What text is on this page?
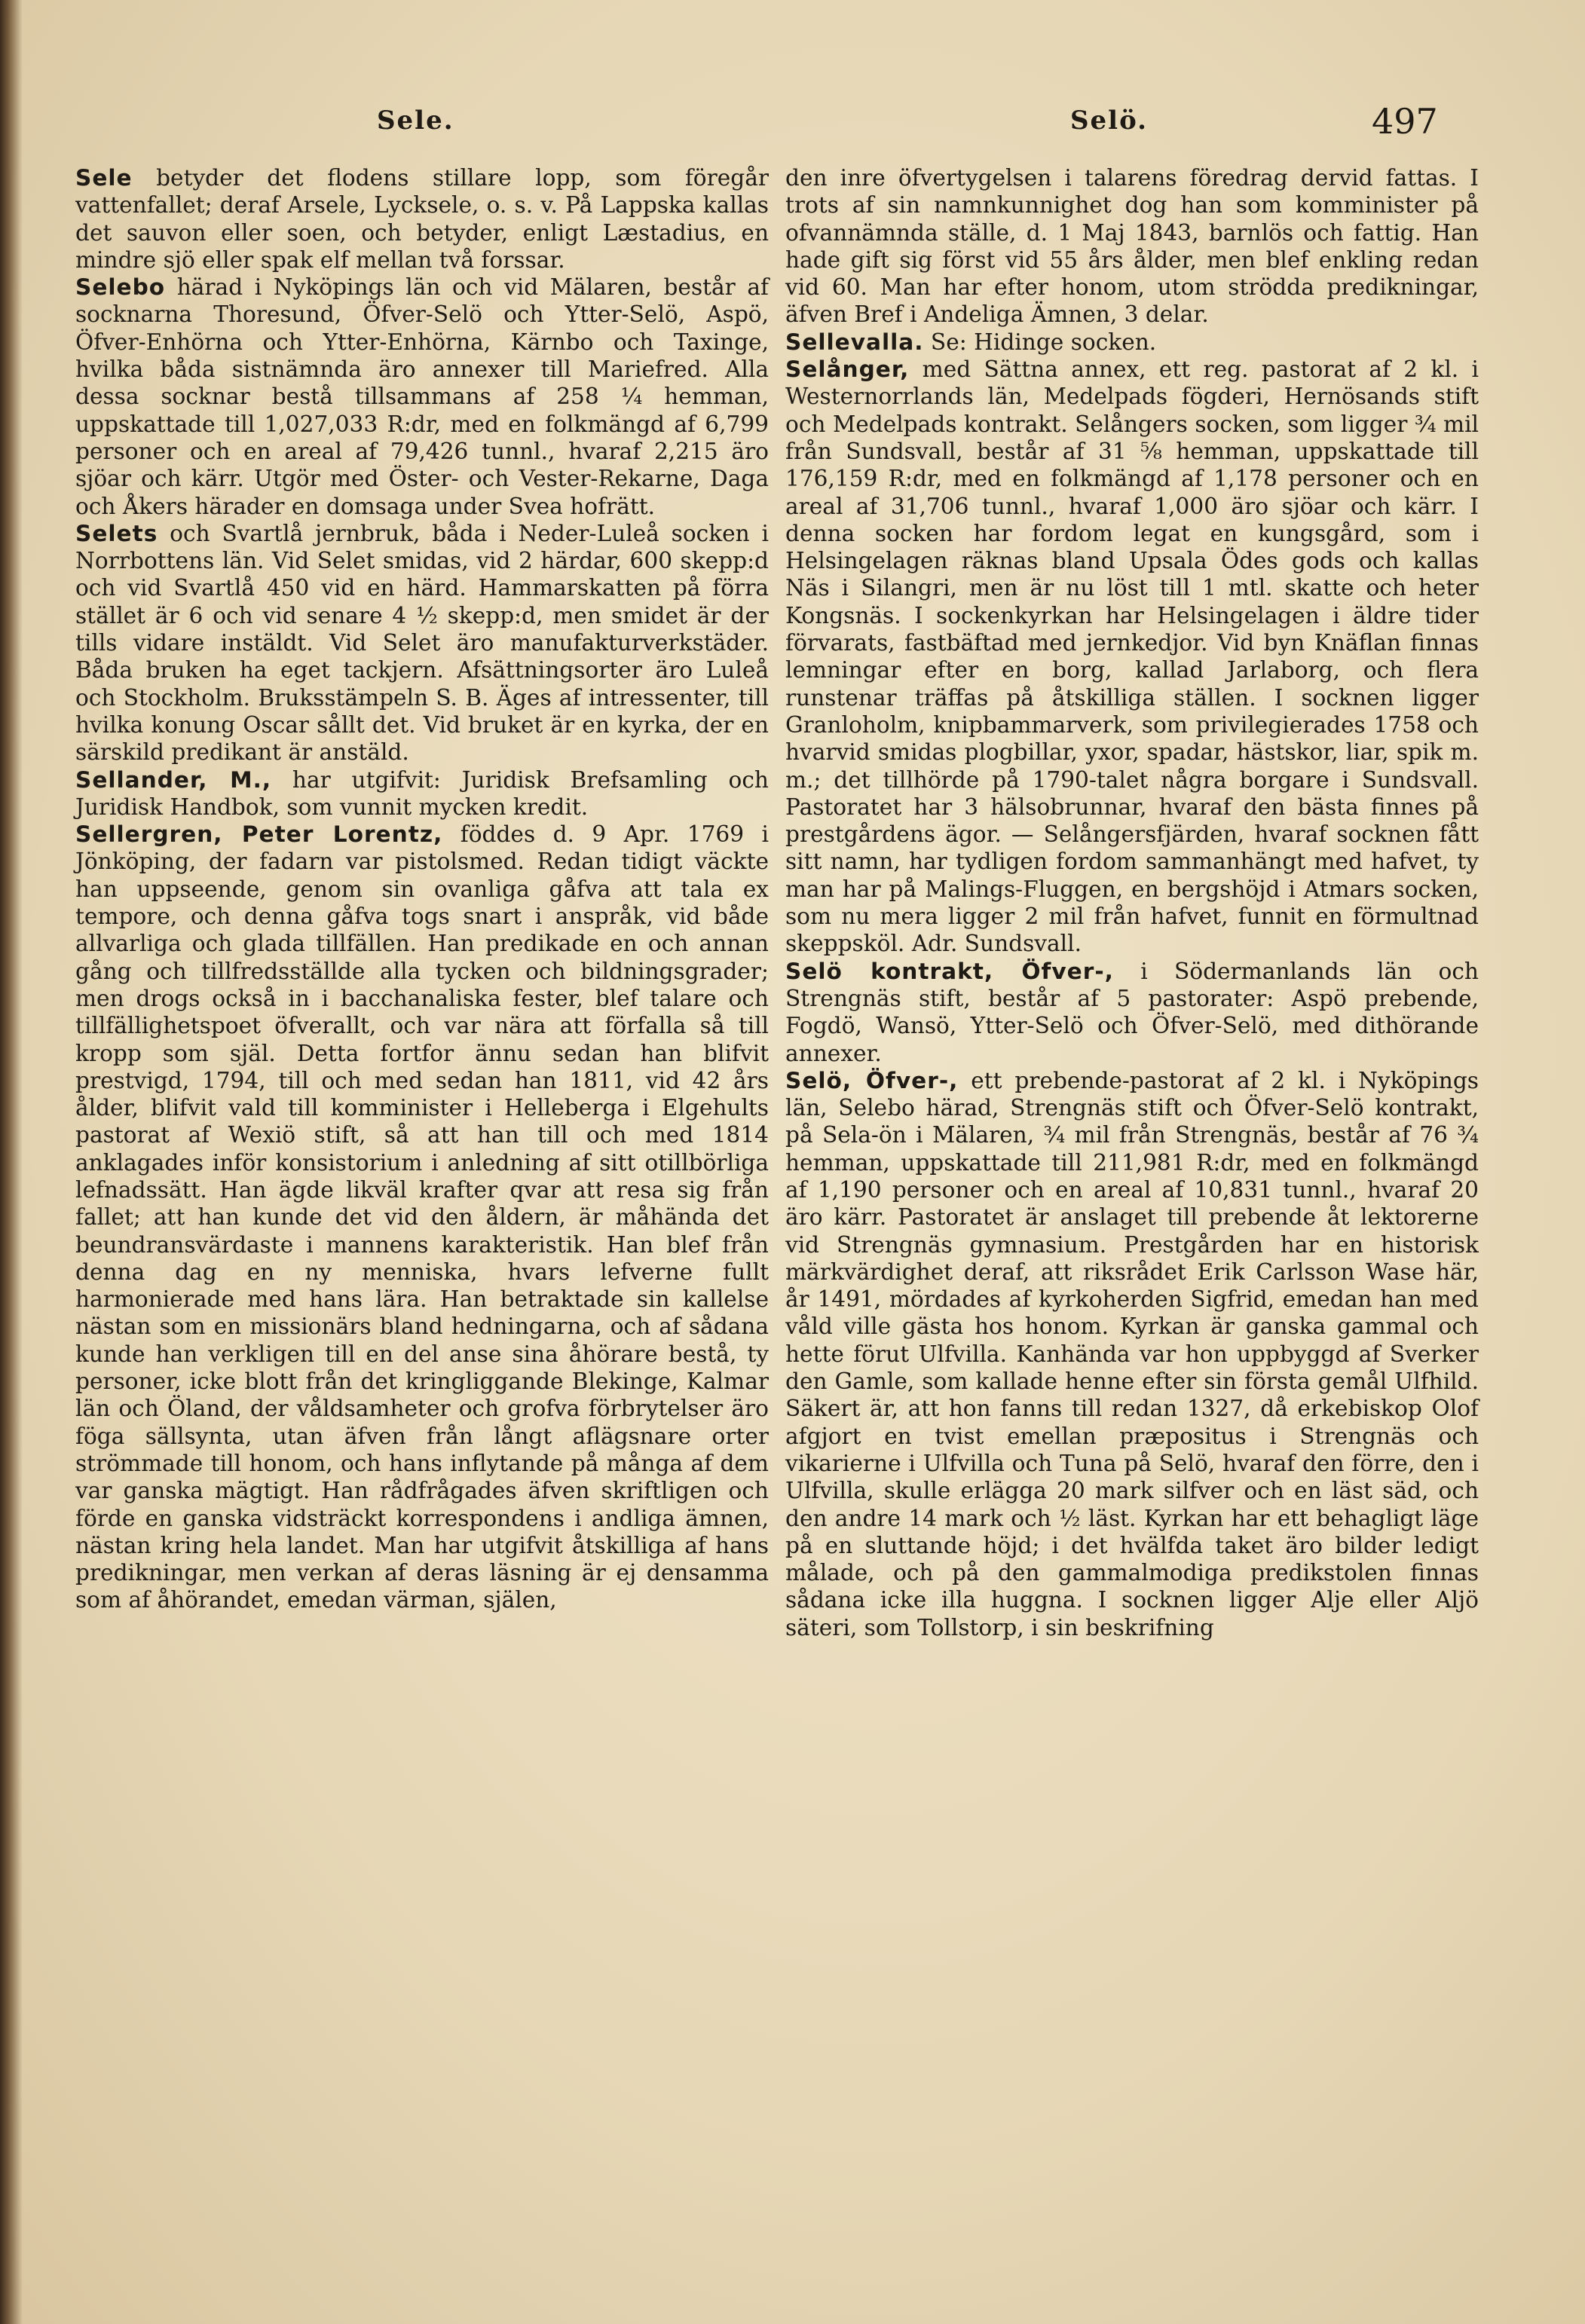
Sele.	Selö.	497

Sele betyder det flodens stillare lopp, som föregår vattenfallet; deraf Arsele, Lycksele, o. s. v. På Lappska kallas det sauvon eller soen, och betyder, enligt Læstadius, en mindre sjö eller spak elf mellan två forssar.

Selebo härad i Nyköpings län och vid Mälaren, består af socknarna Thoresund, Öfver-Selö och Ytter-Selö, Aspö, Öfver-Enhörna och Ytter-Enhörna, Kärnbo och Taxinge, hvilka båda sistnämnda äro annexer till Mariefred. Alla dessa socknar bestå tillsammans af 258 ¼ hemman, uppskattade till 1,027,033 R:dr, med en folkmängd af 6,799 personer och en areal af 79,426 tunnl., hvaraf 2,215 äro sjöar och kärr. Utgör med Öster- och Vester-Rekarne, Daga och Åkers härader en domsaga under Svea hofrätt.

Selets och Svartlå jernbruk, båda i Neder-Luleå socken i Norrbottens län. Vid Selet smidas, vid 2 härdar, 600 skepp:d och vid Svartlå 450 vid en härd. Hammarskatten på förra stället är 6 och vid senare 4 ½ skepp:d, men smidet är der tills vidare instäldt. Vid Selet äro manufakturverkstäder. Båda bruken ha eget tackjern. Afsättningsorter äro Luleå och Stockholm. Bruksstämpeln S. B. Äges af intressenter, till hvilka konung Oscar sållt det. Vid bruket är en kyrka, der en särskild predikant är anstäld.

Sellander, M., har utgifvit: Juridisk Brefsamling och Juridisk Handbok, som vunnit mycken kredit.

Sellergren, Peter Lorentz, föddes d. 9 Apr. 1769 i Jönköping, der fadarn var pistolsmed. Redan tidigt väckte han uppseende, genom sin ovanliga gåfva att tala ex tempore, och denna gåfva togs snart i anspråk, vid både allvarliga och glada tillfällen. Han predikade en och annan gång och tillfredsställde alla tycken och bildningsgrader; men drogs också in i bacchanaliska fester, blef talare och tillfällighetspoet öfverallt, och var nära att förfalla så till kropp som själ. Detta fortfor ännu sedan han blifvit prestvigd, 1794, till och med sedan han 1811, vid 42 års ålder, blifvit vald till komminister i Helleberga i Elgehults pastorat af Wexiö stift, så att han till och med 1814 anklagades inför konsistorium i anledning af sitt otillbörliga lefnadssätt. Han ägde likväl krafter qvar att resa sig från fallet; att han kunde det vid den åldern, är måhända det beundransvärdaste i mannens karakteristik. Han blef från denna dag en ny menniska, hvars lefverne fullt harmonierade med hans lära. Han betraktade sin kallelse nästan som en missionärs bland hedningarna, och af sådana kunde han verkligen till en del anse sina åhörare bestå, ty personer, icke blott från det kringliggande Blekinge, Kalmar län och Öland, der våldsamheter och grofva förbrytelser äro föga sällsynta, utan äfven från långt aflägsnare orter strömmade till honom, och hans inflytande på många af dem var ganska mägtigt. Han rådfrågades äfven skriftligen och förde en ganska vidsträckt korrespondens i andliga ämnen, nästan kring hela landet. Man har utgifvit åtskilliga af hans predikningar, men verkan af deras läsning är ej densamma som af åhörandet, emedan värman, själen,

den inre öfvertygelsen i talarens föredrag dervid fattas. I trots af sin namnkunnighet dog han som komminister på ofvannämnda ställe, d. 1 Maj 1843, barnlös och fattig. Han hade gift sig först vid 55 års ålder, men blef enkling redan vid 60. Man har efter honom, utom strödda predikningar, äfven Bref i Andeliga Ämnen, 3 delar.

Sellevalla. Se: Hidinge socken.

Selånger, med Sättna annex, ett reg. pastorat af 2 kl. i Westernorrlands län, Medelpads fögderi, Hernösands stift och Medelpads kontrakt. Selångers socken, som ligger ¾ mil från Sundsvall, består af 31 ⅝ hemman, uppskattade till 176,159 R:dr, med en folkmängd af 1,178 personer och en areal af 31,706 tunnl., hvaraf 1,000 äro sjöar och kärr. I denna socken har fordom legat en kungsgård, som i Helsingelagen räknas bland Upsala Ödes gods och kallas Näs i Silangri, men är nu löst till 1 mtl. skatte och heter Kongsnäs. I sockenkyrkan har Helsingelagen i äldre tider förvarats, fastbäftad med jernkedjor. Vid byn Knäflan finnas lemningar efter en borg, kallad Jarlaborg, och flera runstenar träffas på åtskilliga ställen. I socknen ligger Granloholm, knipbammarverk, som privilegierades 1758 och hvarvid smidas plogbillar, yxor, spadar, hästskor, liar, spik m. m.; det tillhörde på 1790-talet några borgare i Sundsvall. Pastoratet har 3 hälsobrunnar, hvaraf den bästa finnes på prestgårdens ägor. — Selångersfjärden, hvaraf socknen fått sitt namn, har tydligen fordom sammanhängt med hafvet, ty man har på Malings-Fluggen, en bergshöjd i Atmars socken, som nu mera ligger 2 mil från hafvet, funnit en förmultnad skeppsköl. Adr. Sundsvall.

Selö kontrakt, Öfver-, i Södermanlands län och Strengnäs stift, består af 5 pastorater: Aspö prebende, Fogdö, Wansö, Ytter-Selö och Öfver-Selö, med dithörande annexer.

Selö, Öfver-, ett prebende-pastorat af 2 kl. i Nyköpings län, Selebo härad, Strengnäs stift och Öfver-Selö kontrakt, på Sela-ön i Mälaren, ¾ mil från Strengnäs, består af 76 ¾ hemman, uppskattade till 211,981 R:dr, med en folkmängd af 1,190 personer och en areal af 10,831 tunnl., hvaraf 20 äro kärr. Pastoratet är anslaget till prebende åt lektorerne vid Strengnäs gymnasium. Prestgården har en historisk märkvärdighet deraf, att riksrådet Erik Carlsson Wase här, år 1491, mördades af kyrkoherden Sigfrid, emedan han med våld ville gästa hos honom. Kyrkan är ganska gammal och hette förut Ulfvilla. Kanhända var hon uppbyggd af Sverker den Gamle, som kallade henne efter sin första gemål Ulfhild. Säkert är, att hon fanns till redan 1327, då erkebiskop Olof afgjort en tvist emellan præpositus i Strengnäs och vikarierne i Ulfvilla och Tuna på Selö, hvaraf den förre, den i Ulfvilla, skulle erlägga 20 mark silfver och en läst säd, och den andre 14 mark och ½ läst. Kyrkan har ett behagligt läge på en sluttande höjd; i det hvälfda taket äro bilder ledigt målade, och på den gammalmodiga predikstolen finnas sådana icke illa huggna. I socknen ligger Alje eller Aljö säteri, som Tollstorp, i sin beskrifning
